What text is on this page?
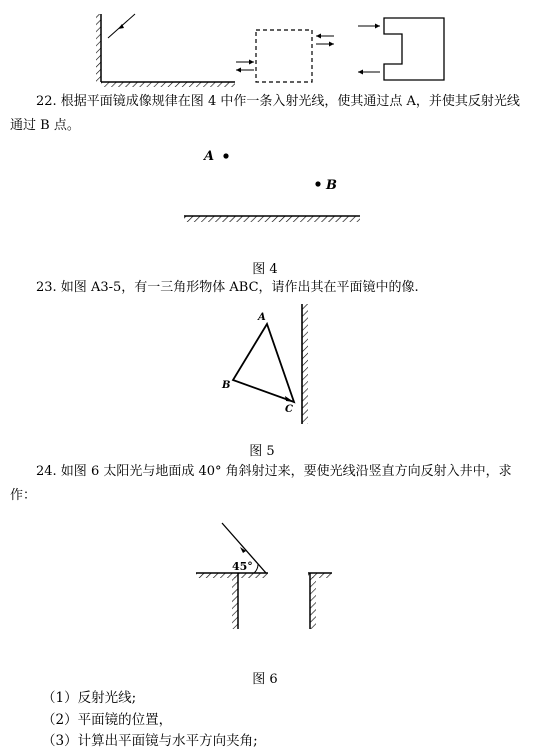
22. 根据平面镜成像规律在图 4 中作一条入射光线，使其通过点 A，并使其反射光线通过 B 点。

A
B
图 4

23. 如图 A3-5，有一三角形物体 ABC，请作出其在平面镜中的像.

A
B
C
图 5

24. 如图 6 太阳光与地面成 40° 角斜射过来，要使光线沿竖直方向反射入井中，求作：

45°
图 6
（1）反射光线;
（2）平面镜的位置，
（3）计算出平面镜与水平方向夹角;
